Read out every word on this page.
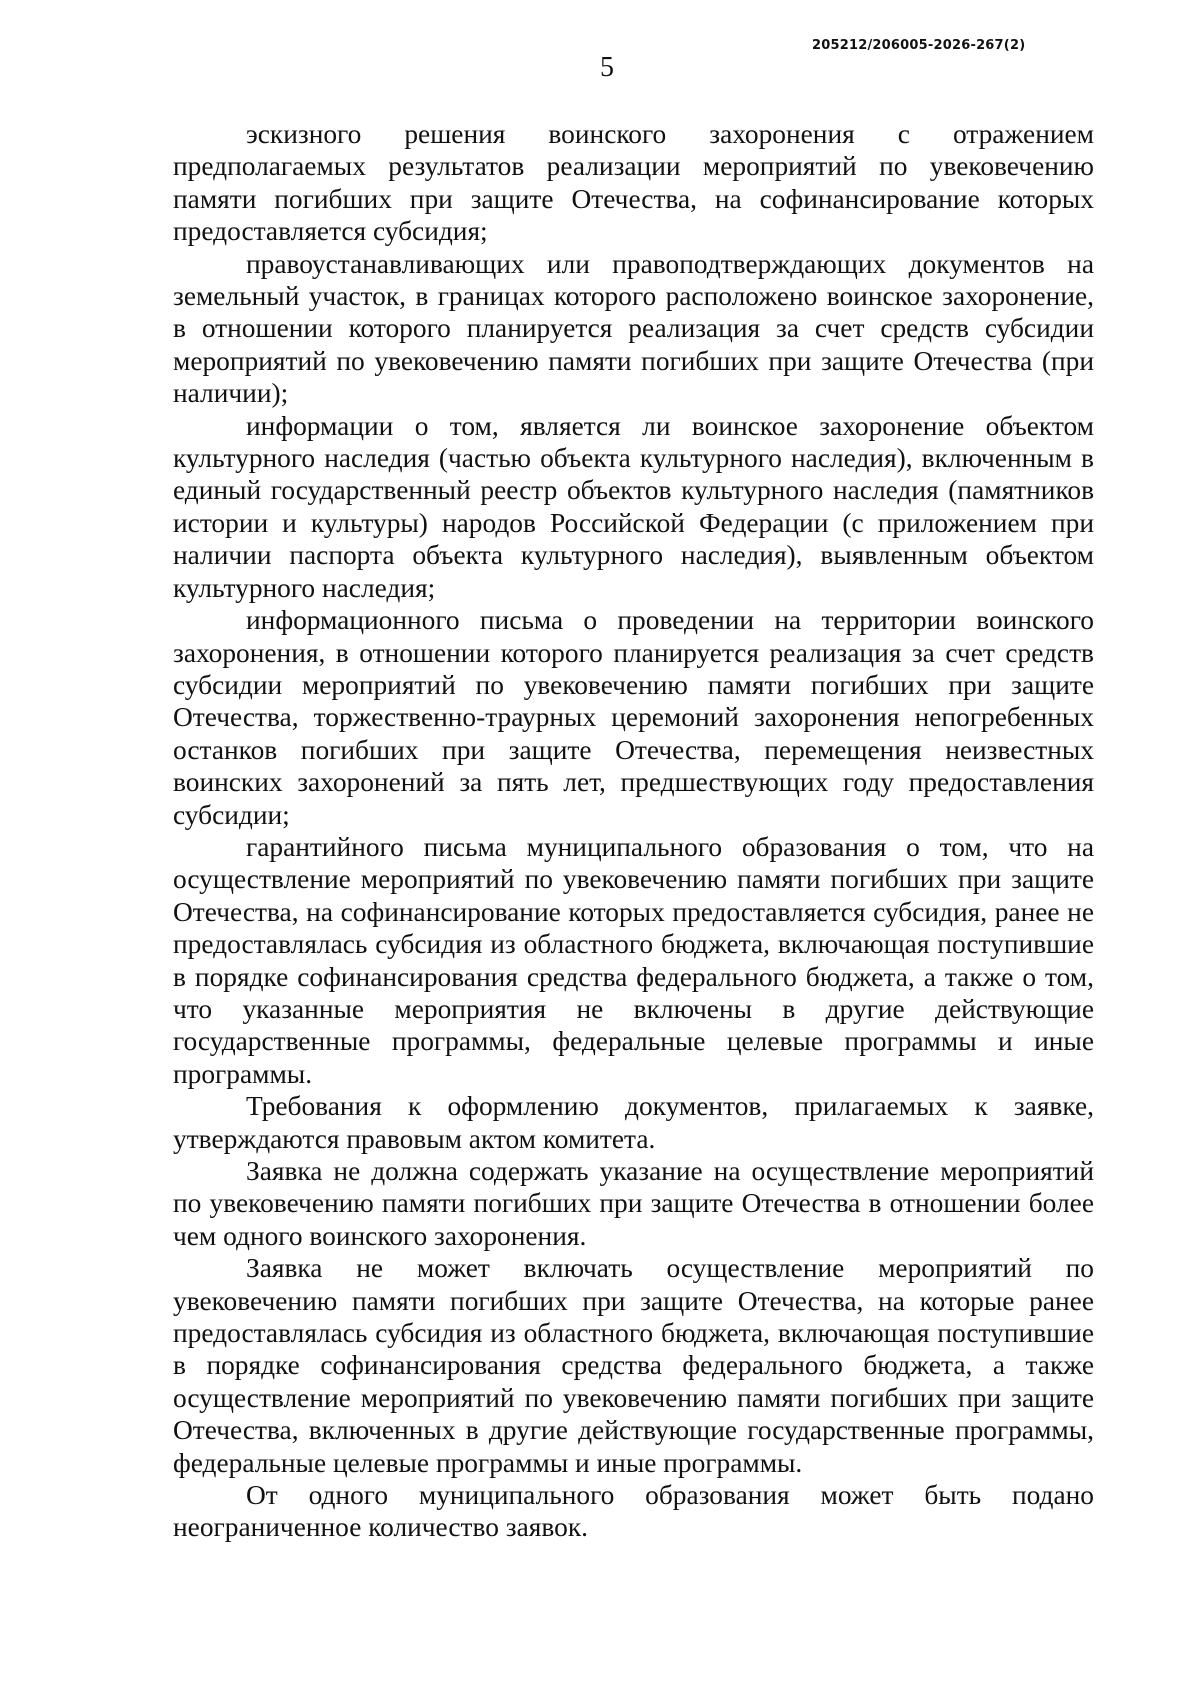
5
205212/206005-2026-267(2)

эскизного решения воинского захоронения с отражением предполагаемых результатов реализации мероприятий по увековечению памяти погибших при защите Отечества, на софинансирование которых предоставляется субсидия;

правоустанавливающих или правоподтверждающих документов на земельный участок, в границах которого расположено воинское захоронение, в отношении которого планируется реализация за счет средств субсидии мероприятий по увековечению памяти погибших при защите Отечества (при наличии);

информации о том, является ли воинское захоронение объектом культурного наследия (частью объекта культурного наследия), включенным в единый государственный реестр объектов культурного наследия (памятников истории и культуры) народов Российской Федерации (с приложением при наличии паспорта объекта культурного наследия), выявленным объектом культурного наследия;

информационного письма о проведении на территории воинского захоронения, в отношении которого планируется реализация за счет средств субсидии мероприятий по увековечению памяти погибших при защите Отечества, торжественно-траурных церемоний захоронения непогребенных останков погибших при защите Отечества, перемещения неизвестных воинских захоронений за пять лет, предшествующих году предоставления субсидии;

гарантийного письма муниципального образования о том, что на осуществление мероприятий по увековечению памяти погибших при защите Отечества, на софинансирование которых предоставляется субсидия, ранее не предоставлялась субсидия из областного бюджета, включающая поступившие в порядке софинансирования средства федерального бюджета, а также о том, что указанные мероприятия не включены в другие действующие государственные программы, федеральные целевые программы и иные программы.

Требования к оформлению документов, прилагаемых к заявке, утверждаются правовым актом комитета.

Заявка не должна содержать указание на осуществление мероприятий по увековечению памяти погибших при защите Отечества в отношении более чем одного воинского захоронения.

Заявка не может включать осуществление мероприятий по увековечению памяти погибших при защите Отечества, на которые ранее предоставлялась субсидия из областного бюджета, включающая поступившие в порядке софинансирования средства федерального бюджета, а также осуществление мероприятий по увековечению памяти погибших при защите Отечества, включенных в другие действующие государственные программы, федеральные целевые программы и иные программы.

От одного муниципального образования может быть подано неограниченное количество заявок.
